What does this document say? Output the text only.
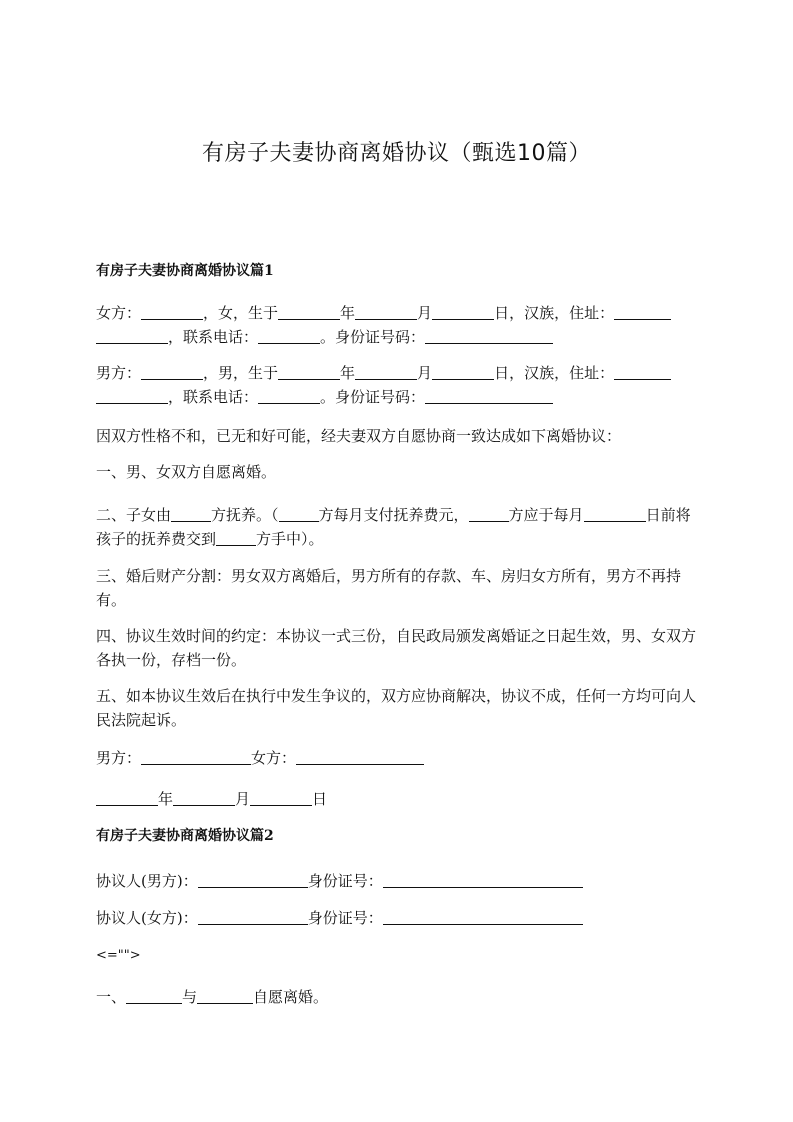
有房子夫妻协商离婚协议（甄选10篇）
有房子夫妻协商离婚协议篇1
女方：	，女，生于	年	月	日，汉族，住址：
，联系电话：	。身份证号码：
男方：	，男，生于	年	月	日，汉族，住址：
，联系电话：	。身份证号码：
因双方性格不和，已无和好可能，经夫妻双方自愿协商一致达成如下离婚协议：
一、男、女双方自愿离婚。
二、子女由	方抚养。（	方每月支付抚养费元，	方应于每月	日前将孩子的抚养费交到	方手中）。
三、婚后财产分割：男女双方离婚后，男方所有的存款、车、房归女方所有，男方不再持有。
四、协议生效时间的约定：本协议一式三份，自民政局颁发离婚证之日起生效，男、女双方各执一份，存档一份。
五、如本协议生效后在执行中发生争议的，双方应协商解决，协议不成，任何一方均可向人民法院起诉。
男方：	女方：
年	月	日
有房子夫妻协商离婚协议篇2
协议人(男方)：	身份证号：
协议人(女方)：	身份证号：
<="">
一、	与	自愿离婚。
